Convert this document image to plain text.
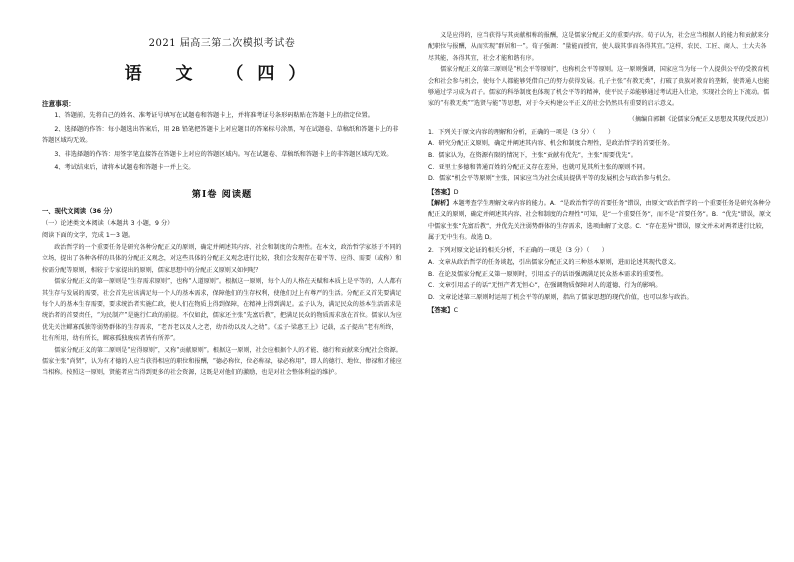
2021 届高三第二次模拟考试卷
语 文 （四）
注意事项：

1、答题前，先将自己的姓名、准考证号填写在试题卷和答题卡上，并将准考证号条形码粘贴在答题卡上的指定位置。

2、选择题的作答：每小题选出答案后，用 2B 铅笔把答题卡上对应题目的答案标号涂黑，写在试题卷、草稿纸和答题卡上的非答题区域均无效。

3、非选择题的作答：用签字笔直接答在答题卡上对应的答题区域内。写在试题卷、草稿纸和答题卡上的非答题区域均无效。

4、考试结束后，请将本试题卷和答题卡一并上交。

第Ⅰ卷 阅读题
一、现代文阅读（36 分）
（一）论述类文本阅读（本题共 3 小题，9 分）
阅读下面的文字，完成 1～3 题。

政治哲学的一个重要任务是研究各种分配正义的原则，确定并阐述其内容、社会和制度的合理性。在本文，政治哲学家基于不同的立场，提出了各种各样的具体的分配正义观念，对这些具体的分配正义观念进行比较，我们会发现存在着平等、应得、需要（或称）和按需分配等原则，相较于专家提出的原则，儒家思想中的分配正义原则又如何呢？

儒家分配正义的第一原则是“生存需求原则”，也称“人道原则”。根据这一原则，每个人的人格在天赋和本质上是平等的，人人都有其生存与发展的需要，社会首先应该满足每一个人的基本需求，保障他们的生存权利，使他们过上有尊严的生活。分配正义首先要满足每个人的基本生存需要，要求统治者实施仁政，使人们在物质上得到保障，在精神上得到满足。孟子认为，满足民众的基本生活需求是统治者的首要责任，“为民制产”是施行仁政的前提。不仅如此，儒家还主张“先富后教”，把满足民众的物质需求放在首位。儒家认为应优先关注鳏寡孤独等弱势群体的生存需求，“老吾老以及人之老，幼吾幼以及人之幼”。《孟子·梁惠王上》记载，孟子提出“老有所终，壮有所用，幼有所长，鳏寡孤独废疾者皆有所养”。

儒家分配正义的第二原则是“应得原则”，又称“贡献原则”。根据这一原则，社会应根据个人的才能、德行和贡献来分配社会资源。儒家主张“尚贤”，认为有才德的人应当获得相应的职位和报酬，“德必称位，位必称禄，禄必称用”，即人的德行、地位、俸禄和才能应当相称。按照这一原则，贤能者应当得到更多的社会资源，这既是对他们的激励，也是对社会整体利益的维护。

义是应得的，应当获得与其贡献相称的报酬，这是儒家分配正义的重要内容。荀子认为，社会应当根据人的能力和贡献来分配职位与报酬，从而实现“群居和一”。荀子强调：“量能而授官，使人载其事而各得其宜。”这样，农民、工匠、商人、士大夫各尽其能，各得其宜，社会才能和谐有序。

儒家分配正义的第三原则是“机会平等原则”，也称机会平等原则。这一原则强调，国家应当为每一个人提供公平的受教育机会和社会参与机会，使每个人都能够凭借自己的努力获得发展。孔子主张“有教无类”，打破了贵族对教育的垄断，使普通人也能够通过学习成为君子。儒家的科举制度也体现了机会平等的精神，使平民子弟能够通过考试进入仕途，实现社会的上下流动。儒家的“有教无类”“选贤与能”等思想，对于今天构建公平正义的社会仍然具有重要的启示意义。

（摘编自郭颖《论儒家分配正义思想及其现代反思》）

1．下列关于原文内容的理解和分析，正确的一项是（3 分）（　　）

A．研究分配正义原则，确定并阐述其内容、机会和制度合理性，是政治哲学的首要任务。

B．儒家认为，在资源有限的情况下，主张“贡献有优先”，主张“需要优先”。

C．亚里士多德和普通百姓的分配正义存在差异，也就可见其所主张的原则不同。

D．儒家“机会平等原则”主张，国家应当为社会成员提供平等的发展机会与政治参与机会。

【答案】D

【解析】本题考查学生理解文章内容的能力。A．“是政治哲学的首要任务”错误，由原文“政治哲学的一个重要任务是研究各种分配正义的原则，确定并阐述其内容、社会和制度的合理性”可知，是“一个重要任务”，而不是“首要任务”。B．“优先”错误，原文中儒家主张“先富后教”，并优先关注弱势群体的生存需求，选项曲解了文意。C．“存在差异”错误，原文并未对两者进行比较，属于无中生有。故选 D。

2．下列对原文论证的相关分析，不正确的一项是（3 分）（　　）

A．文章从政治哲学的任务谈起，引出儒家分配正义的三种基本原则，进而论述其现代意义。

B．在论及儒家分配正义第一原则时，引用孟子的话语强调满足民众基本需求的重要性。

C．文章引用孟子的话“无恒产者无恒心”，在强调物质保障对人的道德、行为的影响。

D．文章论述第三原则时运用了机会平等的原则，指出了儒家思想的现代价值，也可以参与政治。

【答案】C
